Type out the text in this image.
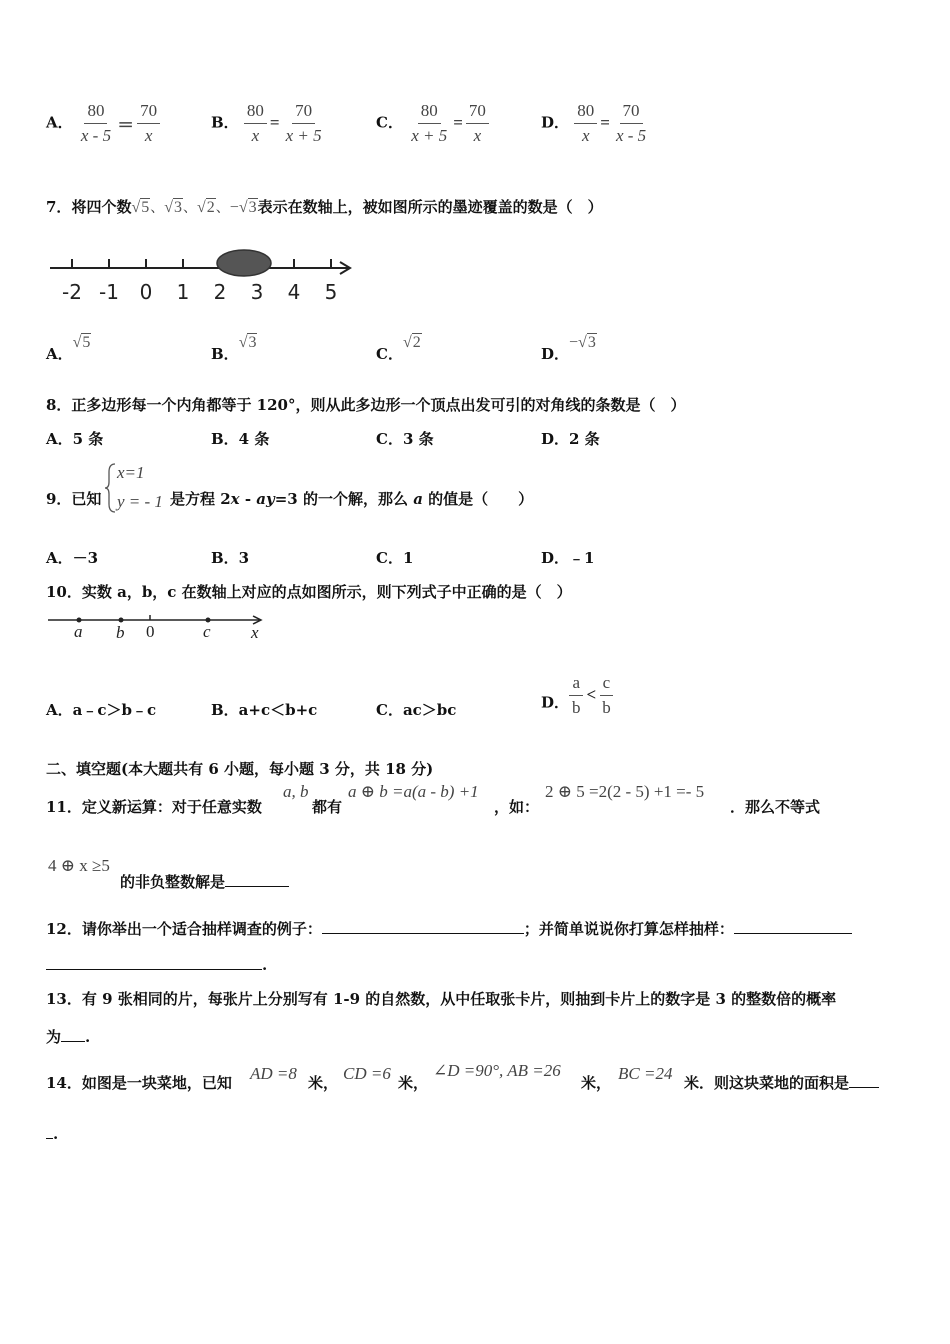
A． $\frac{80}{x - 5} = \frac{70}{x}$	B． $\frac{80}{x} = \frac{70}{x + 5}$	C． $\frac{80}{x + 5} = \frac{70}{x}$	D． $\frac{80}{x} = \frac{70}{x - 5}$
7．将四个数√5、√3、√2、−√3表示在数轴上，被如图所示的墨迹覆盖的数是（　）
-2 -1 0 1 2 3 4 5
A．√5
B．√3
C．√2
D．−√3
8．正多边形每一个内角都等于 120°，则从此多边形一个顶点出发可引的对角线的条数是（　）
A．5 条	B．4 条	C．3 条	D．2 条
9．已知
x=1
y = - 1 是方程 2x - ay=3 的一个解，那么 a 的值是（　　）
A．－3	B．3	C．1	D．﹣1
10．实数 a，b，c 在数轴上对应的点如图所示，则下列式子中正确的是（　）
a b 0	c x
A．a﹣c＞b﹣c	B．a+c＜b+c	C．ac＞bc	D． $\frac{a}{b} < \frac{c}{b}$
二、填空题(本大题共有 6 小题，每小题 3 分，共 18 分)
11．定义新运算：对于任意实数
a, b
都有
a ⊕ b =a(a - b) +1
，如：
2 ⊕ 5 =2(2 - 5) +1 =- 5
．那么不等式
4 ⊕ x ≥5
的非负整数解是
12．请你举出一个适合抽样调查的例子：	；并简单说说你打算怎样抽样：
.
13．有 9 张相同的片，每张片上分别写有 1-9 的自然数，从中任取张卡片，则抽到卡片上的数字是 3 的整数倍的概率
为 .
14．如图是一块菜地，已知 AD =8 米， CD =6 米，
∠D =90°, AB =26
米， BC =24 米．则这块菜地的面积是
.
